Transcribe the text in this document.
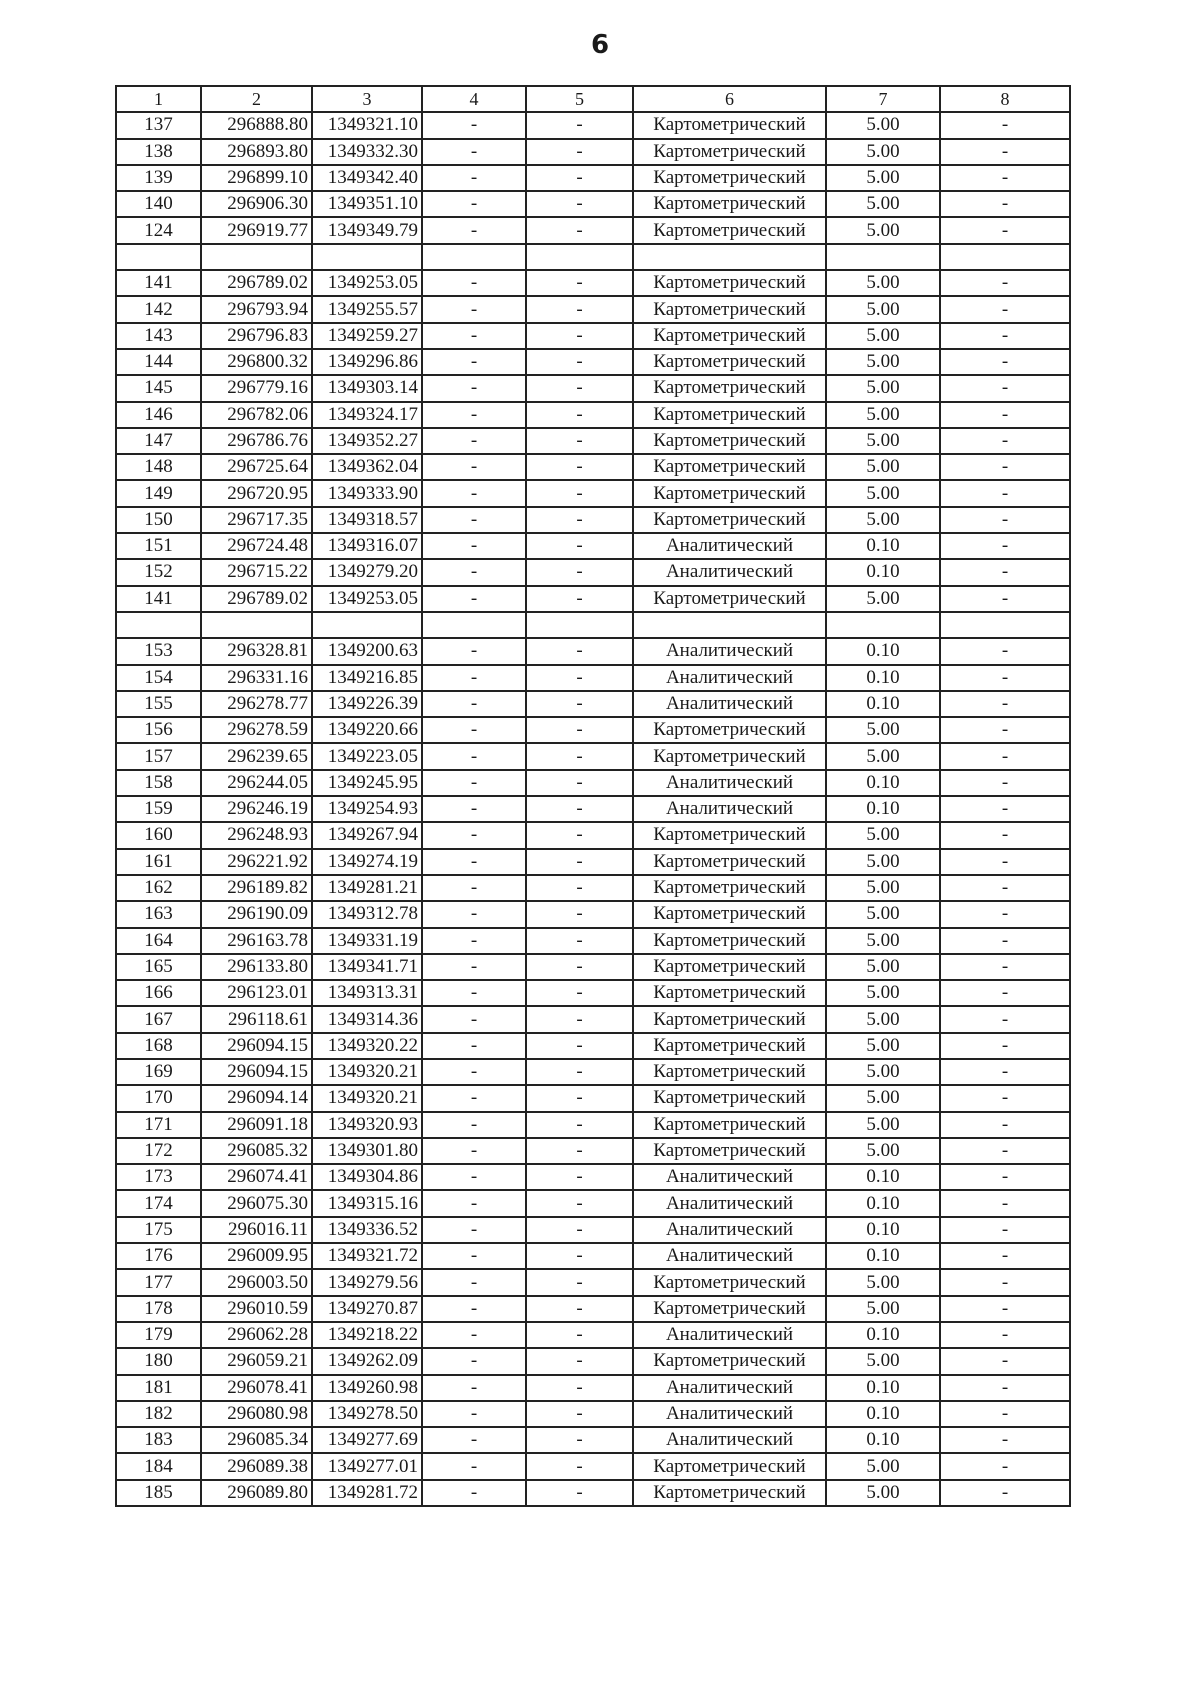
6
1	2	3	4	5	6	7	8
137	296888.80	1349321.10	-	-	Картометрический	5.00	-
138	296893.80	1349332.30	-	-	Картометрический	5.00	-
139	296899.10	1349342.40	-	-	Картометрический	5.00	-
140	296906.30	1349351.10	-	-	Картометрический	5.00	-
124	296919.77	1349349.79	-	-	Картометрический	5.00	-

141	296789.02	1349253.05	-	-	Картометрический	5.00	-
142	296793.94	1349255.57	-	-	Картометрический	5.00	-
143	296796.83	1349259.27	-	-	Картометрический	5.00	-
144	296800.32	1349296.86	-	-	Картометрический	5.00	-
145	296779.16	1349303.14	-	-	Картометрический	5.00	-
146	296782.06	1349324.17	-	-	Картометрический	5.00	-
147	296786.76	1349352.27	-	-	Картометрический	5.00	-
148	296725.64	1349362.04	-	-	Картометрический	5.00	-
149	296720.95	1349333.90	-	-	Картометрический	5.00	-
150	296717.35	1349318.57	-	-	Картометрический	5.00	-
151	296724.48	1349316.07	-	-	Аналитический	0.10	-
152	296715.22	1349279.20	-	-	Аналитический	0.10	-
141	296789.02	1349253.05	-	-	Картометрический	5.00	-

153	296328.81	1349200.63	-	-	Аналитический	0.10	-
154	296331.16	1349216.85	-	-	Аналитический	0.10	-
155	296278.77	1349226.39	-	-	Аналитический	0.10	-
156	296278.59	1349220.66	-	-	Картометрический	5.00	-
157	296239.65	1349223.05	-	-	Картометрический	5.00	-
158	296244.05	1349245.95	-	-	Аналитический	0.10	-
159	296246.19	1349254.93	-	-	Аналитический	0.10	-
160	296248.93	1349267.94	-	-	Картометрический	5.00	-
161	296221.92	1349274.19	-	-	Картометрический	5.00	-
162	296189.82	1349281.21	-	-	Картометрический	5.00	-
163	296190.09	1349312.78	-	-	Картометрический	5.00	-
164	296163.78	1349331.19	-	-	Картометрический	5.00	-
165	296133.80	1349341.71	-	-	Картометрический	5.00	-
166	296123.01	1349313.31	-	-	Картометрический	5.00	-
167	296118.61	1349314.36	-	-	Картометрический	5.00	-
168	296094.15	1349320.22	-	-	Картометрический	5.00	-
169	296094.15	1349320.21	-	-	Картометрический	5.00	-
170	296094.14	1349320.21	-	-	Картометрический	5.00	-
171	296091.18	1349320.93	-	-	Картометрический	5.00	-
172	296085.32	1349301.80	-	-	Картометрический	5.00	-
173	296074.41	1349304.86	-	-	Аналитический	0.10	-
174	296075.30	1349315.16	-	-	Аналитический	0.10	-
175	296016.11	1349336.52	-	-	Аналитический	0.10	-
176	296009.95	1349321.72	-	-	Аналитический	0.10	-
177	296003.50	1349279.56	-	-	Картометрический	5.00	-
178	296010.59	1349270.87	-	-	Картометрический	5.00	-
179	296062.28	1349218.22	-	-	Аналитический	0.10	-
180	296059.21	1349262.09	-	-	Картометрический	5.00	-
181	296078.41	1349260.98	-	-	Аналитический	0.10	-
182	296080.98	1349278.50	-	-	Аналитический	0.10	-
183	296085.34	1349277.69	-	-	Аналитический	0.10	-
184	296089.38	1349277.01	-	-	Картометрический	5.00	-
185	296089.80	1349281.72	-	-	Картометрический	5.00	-
